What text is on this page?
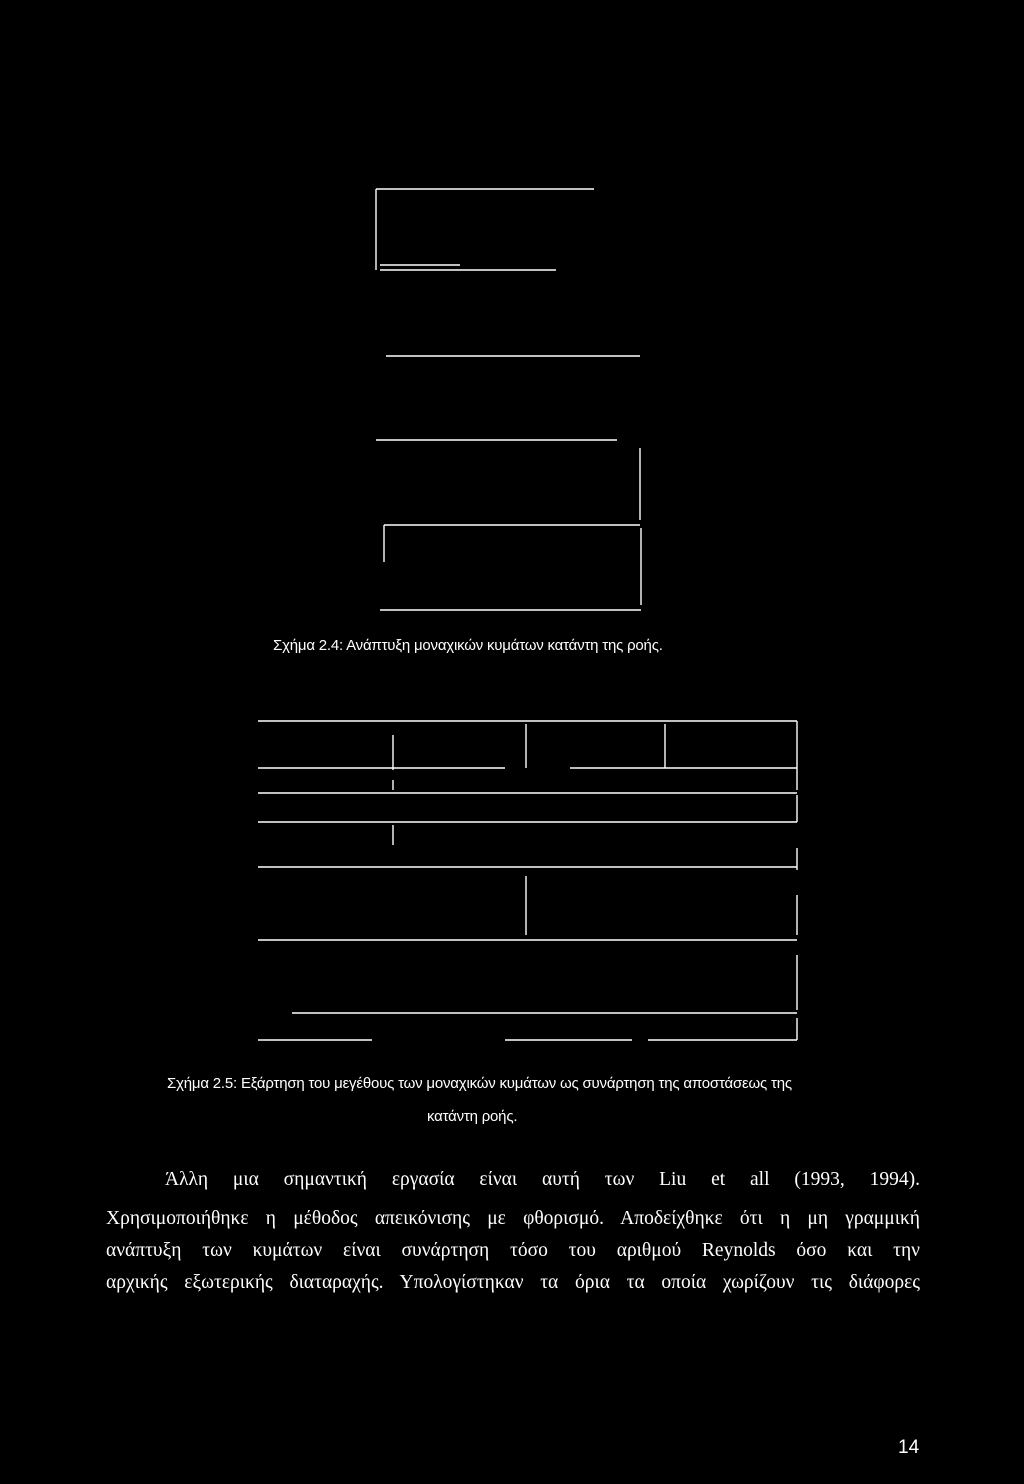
Σχήμα 2.4: Ανάπτυξη μοναχικών κυμάτων κατάντη της ροής.
Σχήμα 2.5: Εξάρτηση του μεγέθους των μοναχικών κυμάτων ως συνάρτηση της αποστάσεως της
κατάντη ροής.
Άλλη μια σημαντική εργασία είναι αυτή των Liu et all (1993, 1994).
Χρησιμοποιήθηκε η μέθοδος απεικόνισης με φθορισμό. Αποδείχθηκε ότι η μη γραμμική
ανάπτυξη των κυμάτων είναι συνάρτηση τόσο του αριθμού Reynolds όσο και την
αρχικής εξωτερικής διαταραχής. Υπολογίστηκαν τα όρια τα οποία χωρίζουν τις διάφορες
14
